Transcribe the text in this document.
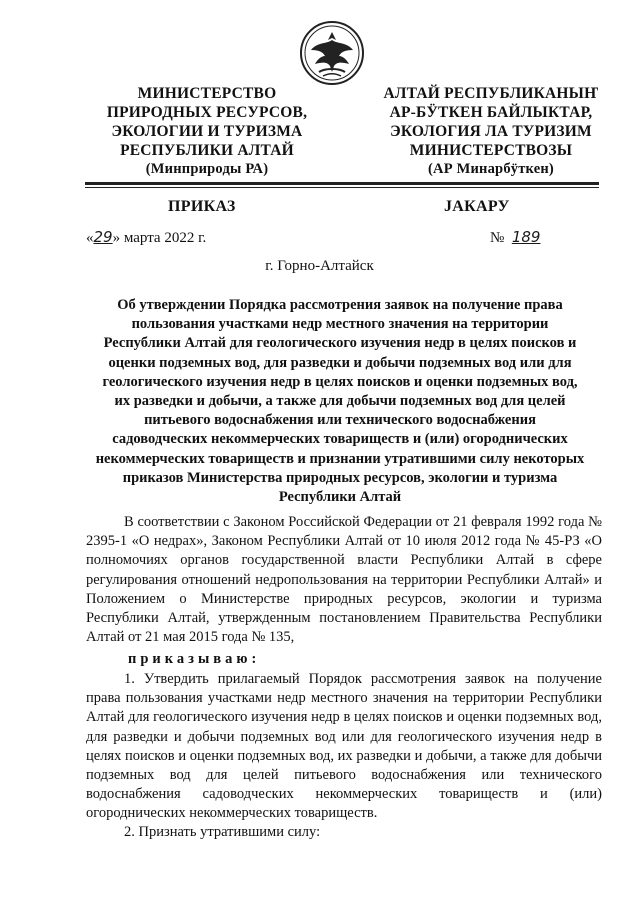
МИНИСТЕРСТВО
ПРИРОДНЫХ РЕСУРСОВ,
ЭКОЛОГИИ И ТУРИЗМА
РЕСПУБЛИКИ АЛТАЙ
(Минприроды РА)
АЛТАЙ РЕСПУБЛИКАНЫҤ
АР-БӰТКЕН БАЙЛЫКТАР,
ЭКОЛОГИЯ ЛА ТУРИЗИМ
МИНИСТЕРСТВОЗЫ
(АР Минарбӱткен)
ПРИКАЗ	JАКАРУ
«29» марта 2022 г.	№ 189
г. Горно-Алтайск
Об утверждении Порядка рассмотрения заявок на получение права
пользования участками недр местного значения на территории
Республики Алтай для геологического изучения недр в целях поисков и
оценки подземных вод, для разведки и добычи подземных вод или для
геологического изучения недр в целях поисков и оценки подземных вод,
их разведки и добычи, а также для добычи подземных вод для целей
питьевого водоснабжения или технического водоснабжения
садоводческих некоммерческих товариществ и (или) огороднических
некоммерческих товариществ и признании утратившими силу некоторых
приказов Министерства природных ресурсов, экологии и туризма
Республики Алтай
В соответствии с Законом Российской Федерации от 21 февраля 1992 года № 2395-1 «О недрах», Законом Республики Алтай от 10 июля 2012 года № 45-РЗ «О полномочиях органов государственной власти Республики Алтай в сфере регулирования отношений недропользования на территории Республики Алтай» и Положением о Министерстве природных ресурсов, экологии и туризма Республики Алтай, утвержденным постановлением Правительства Республики Алтай от 21 мая 2015 года № 135,
приказываю:
1. Утвердить прилагаемый Порядок рассмотрения заявок на получение права пользования участками недр местного значения на территории Республики Алтай для геологического изучения недр в целях поисков и оценки подземных вод, для разведки и добычи подземных вод или для геологического изучения недр в целях поисков и оценки подземных вод, их разведки и добычи, а также для добычи подземных вод для целей питьевого водоснабжения или технического водоснабжения садоводческих некоммерческих товариществ и (или) огороднических некоммерческих товариществ.
2. Признать утратившими силу:
